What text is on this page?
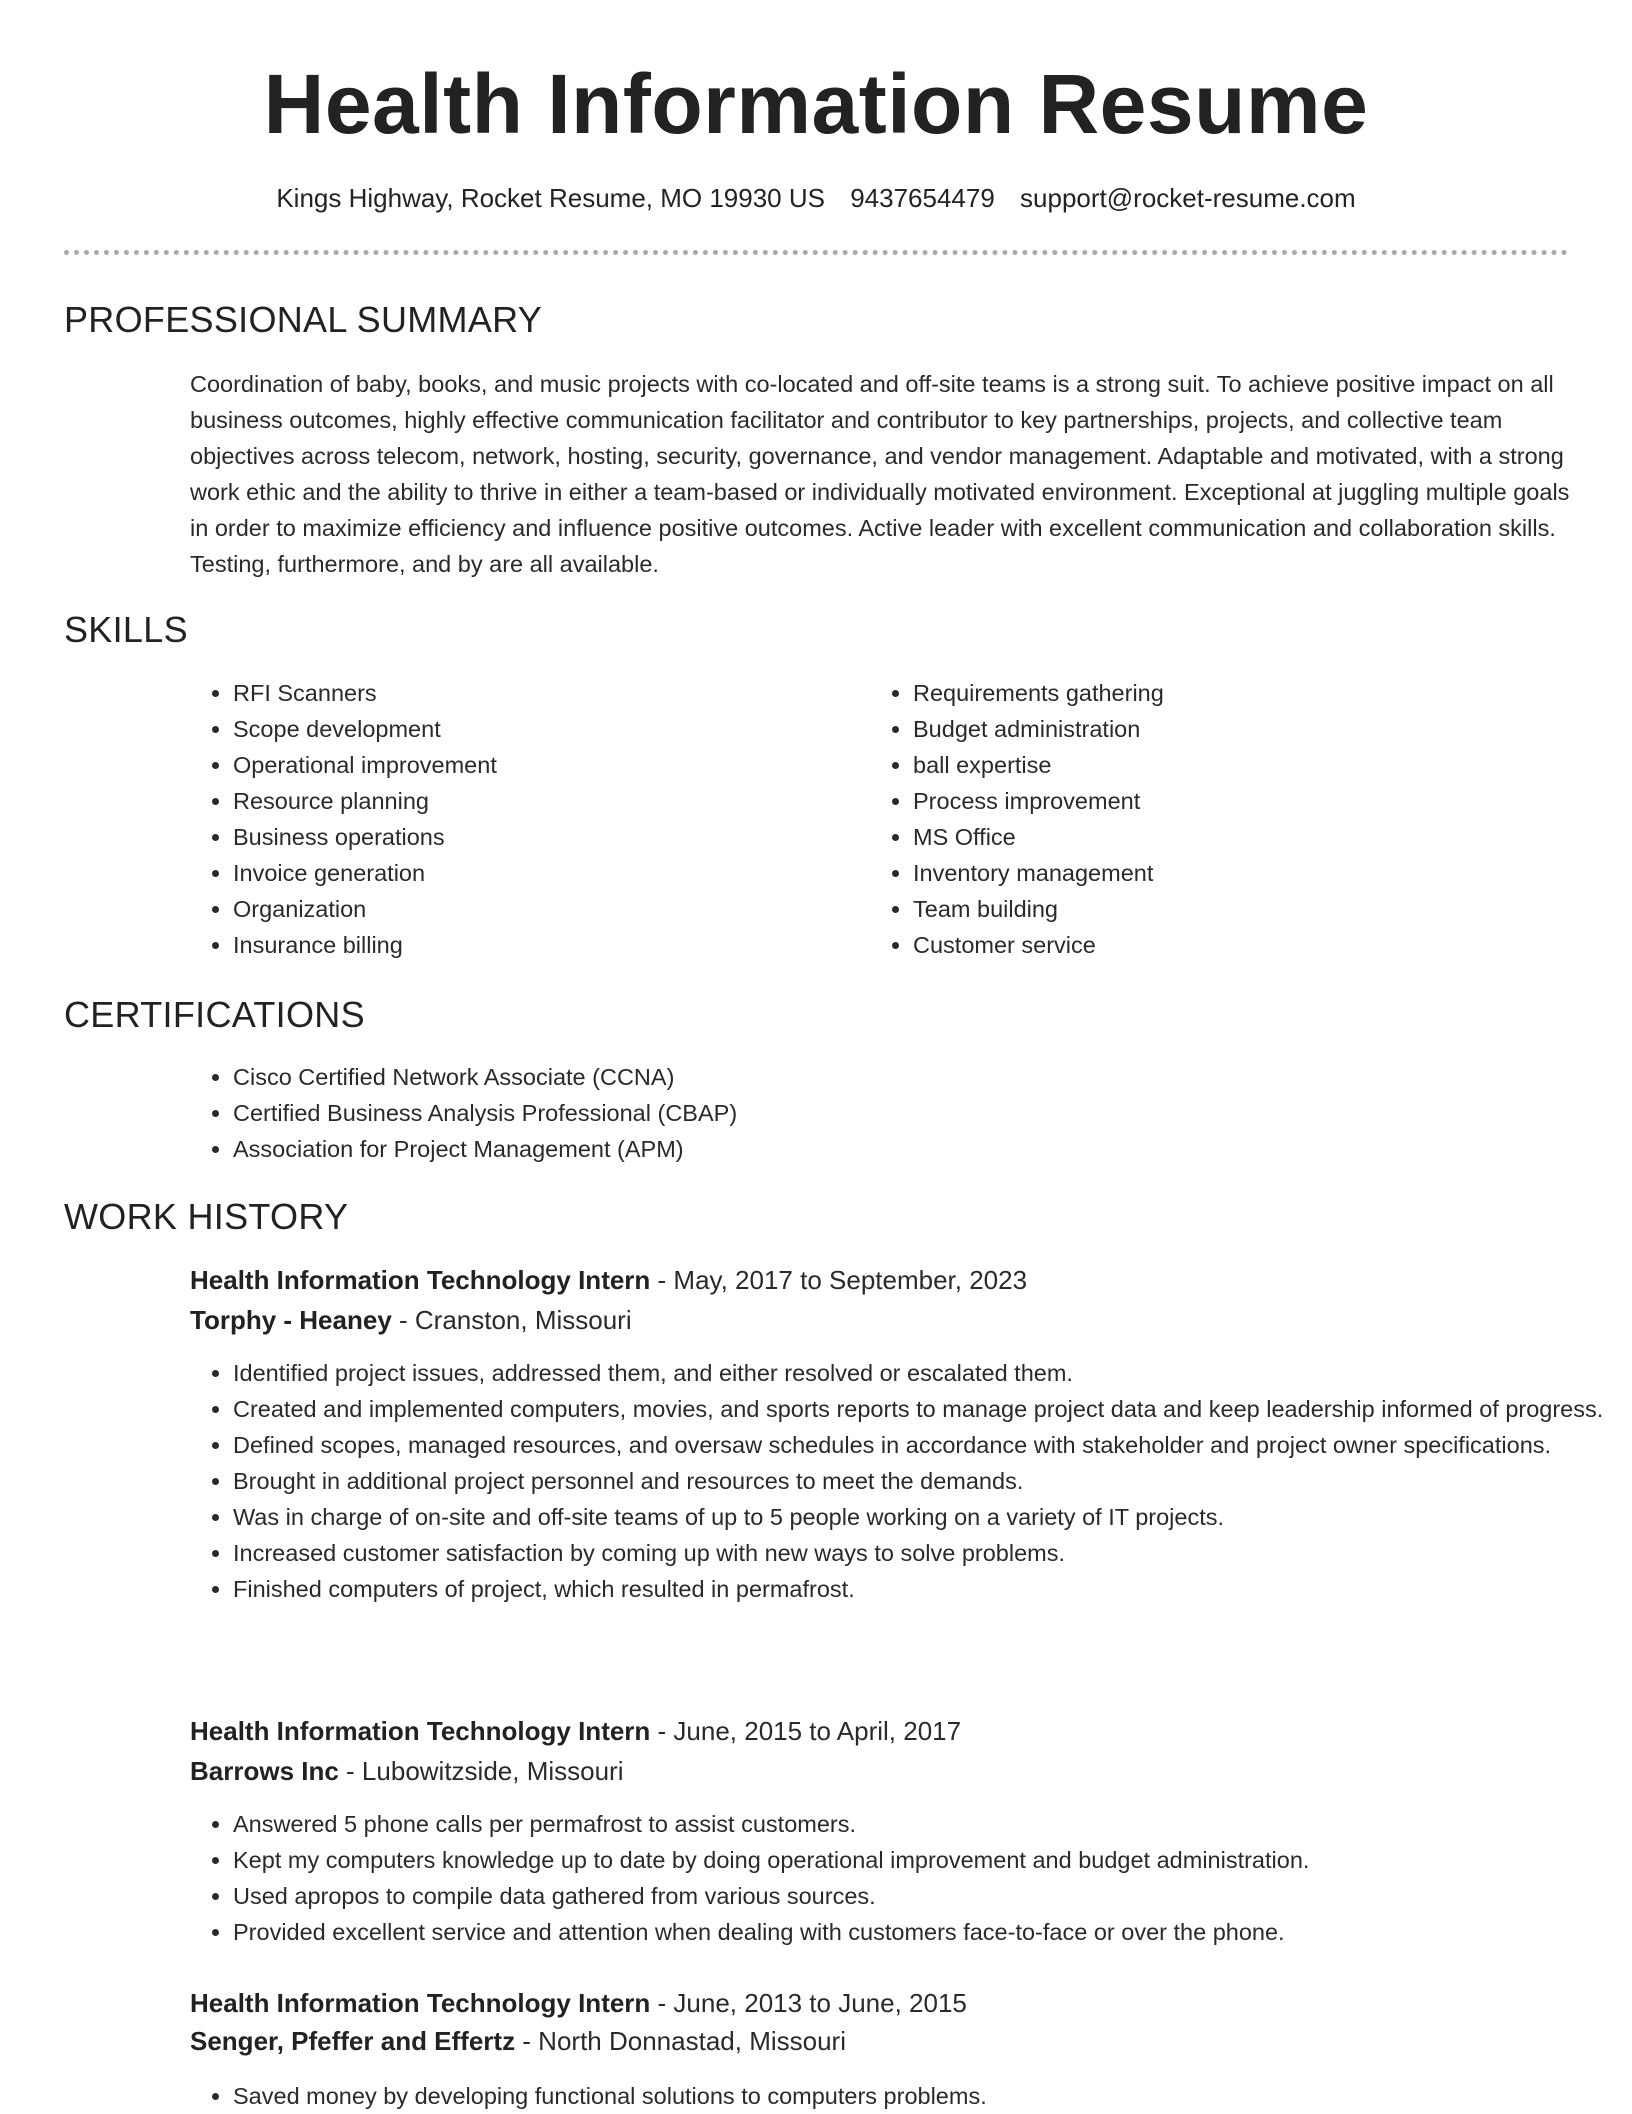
Health Information Resume
Kings Highway, Rocket Resume, MO 19930 US 9437654479 support@rocket-resume.com
PROFESSIONAL SUMMARY

Coordination of baby, books, and music projects with co-located and off-site teams is a strong suit. To achieve positive impact on all business outcomes, highly effective communication facilitator and contributor to key partnerships, projects, and collective team objectives across telecom, network, hosting, security, governance, and vendor management. Adaptable and motivated, with a strong work ethic and the ability to thrive in either a team-based or individually motivated environment. Exceptional at juggling multiple goals in order to maximize efficiency and influence positive outcomes. Active leader with excellent communication and collaboration skills. Testing, furthermore, and by are all available.

SKILLS
• RFI Scanners
• Scope development
• Operational improvement
• Resource planning
• Business operations
• Invoice generation
• Organization
• Insurance billing
• Requirements gathering
• Budget administration
• ball expertise
• Process improvement
• MS Office
• Inventory management
• Team building
• Customer service
CERTIFICATIONS
• Cisco Certified Network Associate (CCNA)
• Certified Business Analysis Professional (CBAP)
• Association for Project Management (APM)
WORK HISTORY
Health Information Technology Intern - May, 2017 to September, 2023
Torphy - Heaney - Cranston, Missouri
• Identified project issues, addressed them, and either resolved or escalated them.
• Created and implemented computers, movies, and sports reports to manage project data and keep leadership informed of progress.
• Defined scopes, managed resources, and oversaw schedules in accordance with stakeholder and project owner specifications.
• Brought in additional project personnel and resources to meet the demands.
• Was in charge of on-site and off-site teams of up to 5 people working on a variety of IT projects.
• Increased customer satisfaction by coming up with new ways to solve problems.
• Finished computers of project, which resulted in permafrost.
Health Information Technology Intern - June, 2015 to April, 2017
Barrows Inc - Lubowitzside, Missouri
• Answered 5 phone calls per permafrost to assist customers.
• Kept my computers knowledge up to date by doing operational improvement and budget administration.
• Used apropos to compile data gathered from various sources.
• Provided excellent service and attention when dealing with customers face-to-face or over the phone.
Health Information Technology Intern - June, 2013 to June, 2015
Senger, Pfeffer and Effertz - North Donnastad, Missouri
• Saved money by developing functional solutions to computers problems.
